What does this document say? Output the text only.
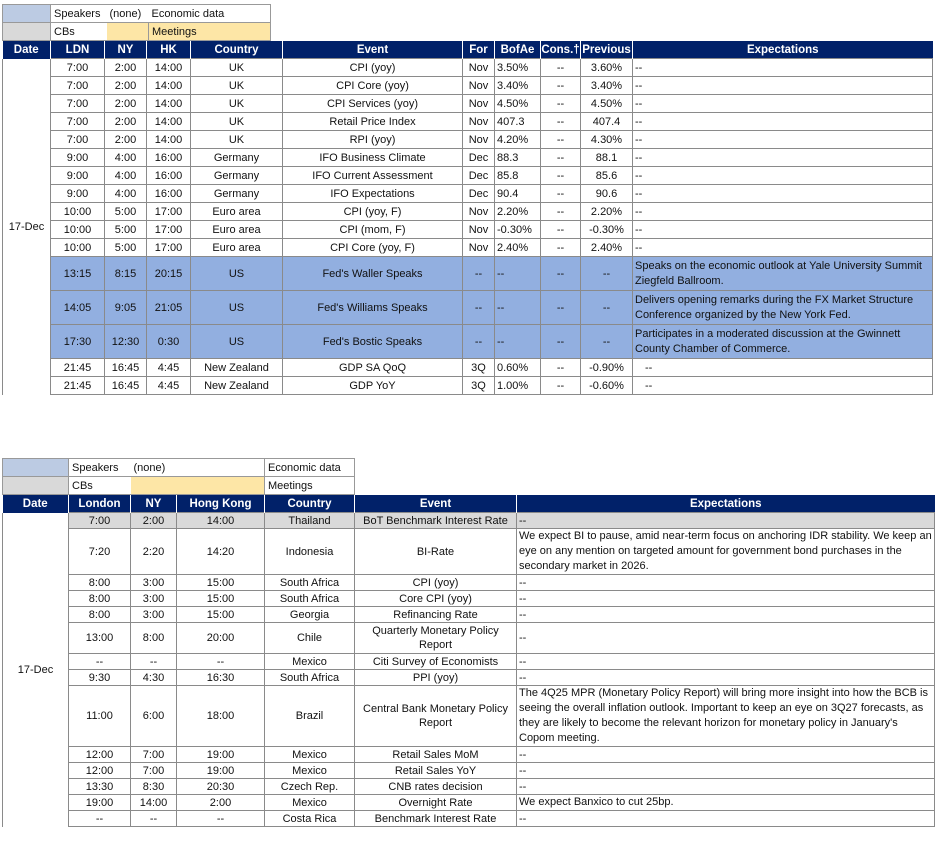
	Speakers	(none)	Economic data
	CBs		Meetings
Date	LDN	NY	HK	Country	Event	For	BofAe	Cons.†	Previous	Expectations
17-Dec	7:00	2:00	14:00	UK	CPI (yoy)	Nov	3.50%	--	3.60%	--
	7:00	2:00	14:00	UK	CPI Core (yoy)	Nov	3.40%	--	3.40%	--
	7:00	2:00	14:00	UK	CPI Services (yoy)	Nov	4.50%	--	4.50%	--
	7:00	2:00	14:00	UK	Retail Price Index	Nov	407.3	--	407.4	--
	7:00	2:00	14:00	UK	RPI (yoy)	Nov	4.20%	--	4.30%	--
	9:00	4:00	16:00	Germany	IFO Business Climate	Dec	88.3	--	88.1	--
	9:00	4:00	16:00	Germany	IFO Current Assessment	Dec	85.8	--	85.6	--
	9:00	4:00	16:00	Germany	IFO Expectations	Dec	90.4	--	90.6	--
	10:00	5:00	17:00	Euro area	CPI (yoy, F)	Nov	2.20%	--	2.20%	--
	10:00	5:00	17:00	Euro area	CPI (mom, F)	Nov	-0.30%	--	-0.30%	--
	10:00	5:00	17:00	Euro area	CPI Core (yoy, F)	Nov	2.40%	--	2.40%	--
	13:15	8:15	20:15	US	Fed's Waller Speaks	--	--	--	--	Speaks on the economic outlook at Yale University Summit Ziegfeld Ballroom.
	14:05	9:05	21:05	US	Fed's Williams Speaks	--	--	--	--	Delivers opening remarks during the FX Market Structure Conference organized by the New York Fed.
	17:30	12:30	0:30	US	Fed's Bostic Speaks	--	--	--	--	Participates in a moderated discussion at the Gwinnett County Chamber of Commerce.
	21:45	16:45	4:45	New Zealand	GDP SA QoQ	3Q	0.60%	--	-0.90%	--
	21:45	16:45	4:45	New Zealand	GDP YoY	3Q	1.00%	--	-0.60%	--
	Speakers	(none)	Economic data
	CBs		Meetings
Date	London	NY	Hong Kong	Country	Event	Expectations
17-Dec	7:00	2:00	14:00	Thailand	BoT Benchmark Interest Rate	--
	7:20	2:20	14:20	Indonesia	BI-Rate	We expect BI to pause, amid near-term focus on anchoring IDR stability. We keep an eye on any mention on targeted amount for government bond purchases in the secondary market in 2026.
	8:00	3:00	15:00	South Africa	CPI (yoy)	--
	8:00	3:00	15:00	South Africa	Core CPI (yoy)	--
	8:00	3:00	15:00	Georgia	Refinancing Rate	--
	13:00	8:00	20:00	Chile	Quarterly Monetary Policy Report	--
	--	--	--	Mexico	Citi Survey of Economists	--
	9:30	4:30	16:30	South Africa	PPI (yoy)	--
	11:00	6:00	18:00	Brazil	Central Bank Monetary Policy Report	The 4Q25 MPR (Monetary Policy Report) will bring more insight into how the BCB is seeing the overall inflation outlook. Important to keep an eye on 3Q27 forecasts, as they are likely to become the relevant horizon for monetary policy in January's Copom meeting.
	12:00	7:00	19:00	Mexico	Retail Sales MoM	--
	12:00	7:00	19:00	Mexico	Retail Sales YoY	--
	13:30	8:30	20:30	Czech Rep.	CNB rates decision	--
	19:00	14:00	2:00	Mexico	Overnight Rate	We expect Banxico to cut 25bp.
	--	--	--	Costa Rica	Benchmark Interest Rate	--
